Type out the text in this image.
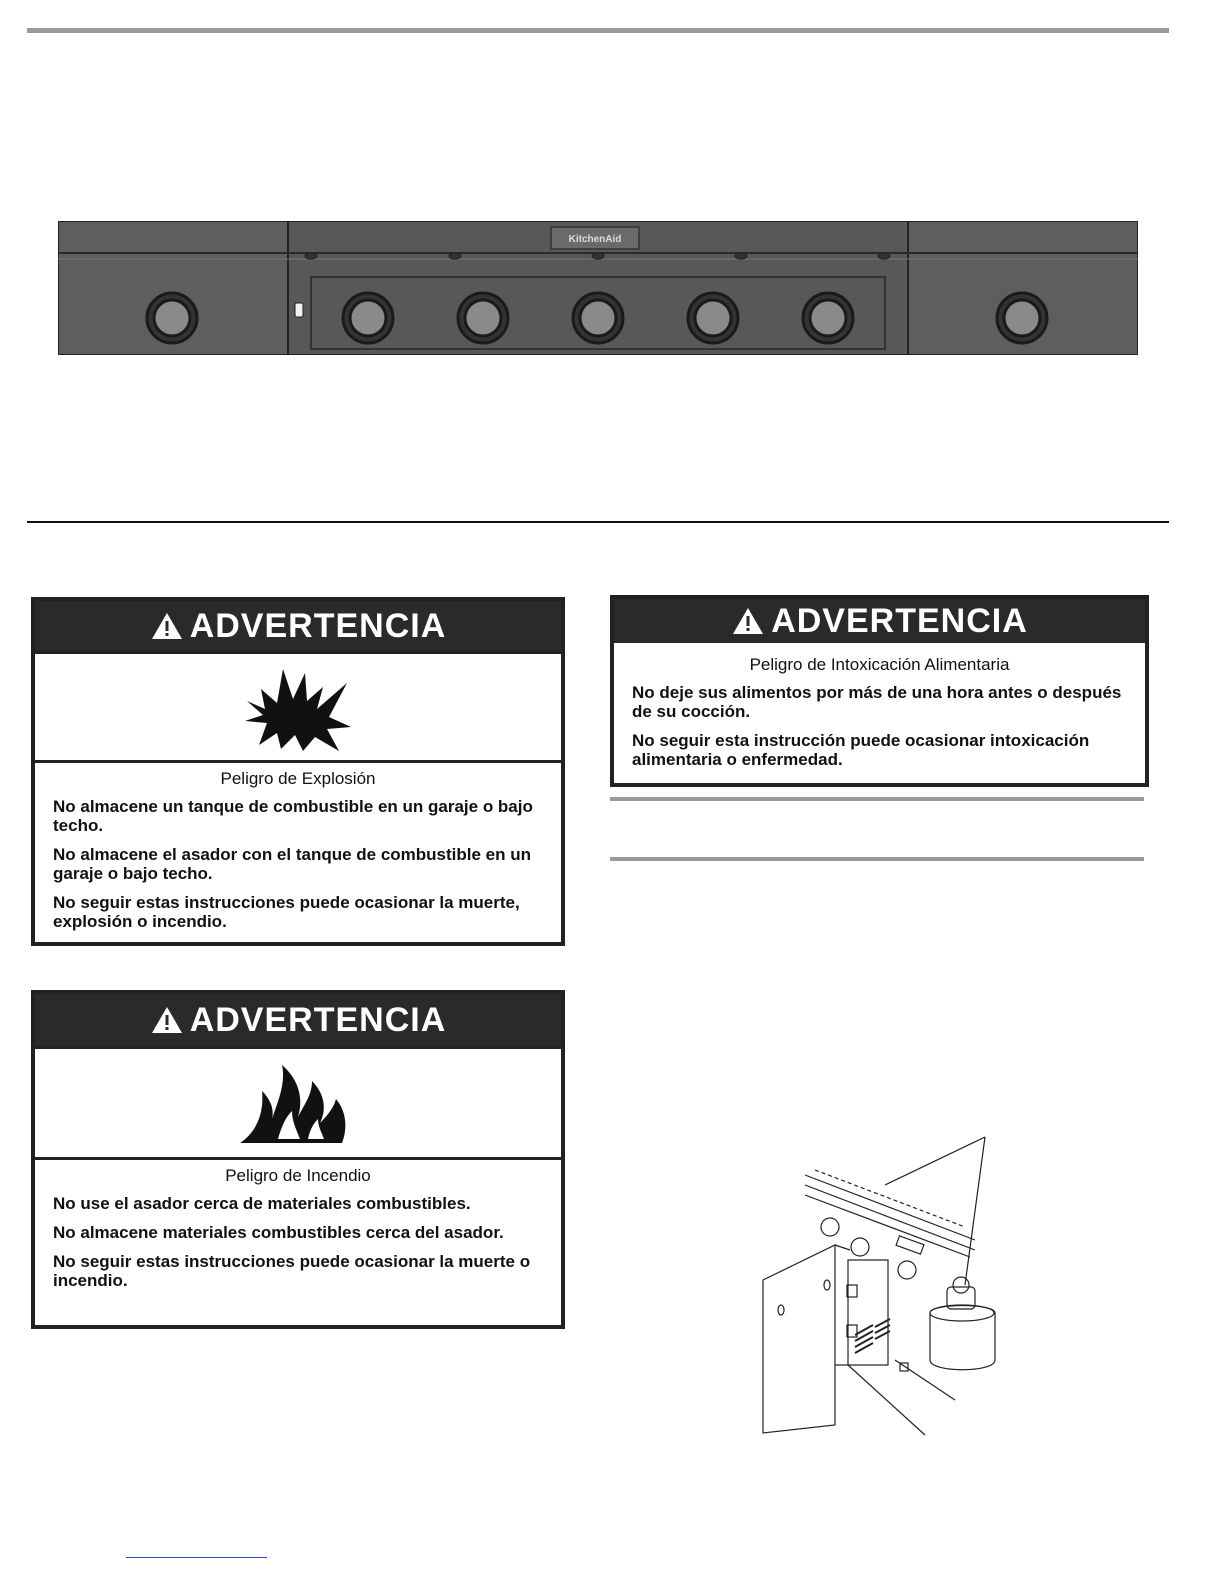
KitchenAid
ADVERTENCIA
Peligro de Explosión

No almacene un tanque de combustible en un garaje o bajo techo.

No almacene el asador con el tanque de combustible en un garaje o bajo techo.

No seguir estas instrucciones puede ocasionar la muerte, explosión o incendio.

ADVERTENCIA
Peligro de Incendio

No use el asador cerca de materiales combustibles.

No almacene materiales combustibles cerca del asador.

No seguir estas instrucciones puede ocasionar la muerte o incendio.

ADVERTENCIA
Peligro de Intoxicación Alimentaria

No deje sus alimentos por más de una hora antes o después de su cocción.

No seguir esta instrucción puede ocasionar intoxicación alimentaria o enfermedad.
